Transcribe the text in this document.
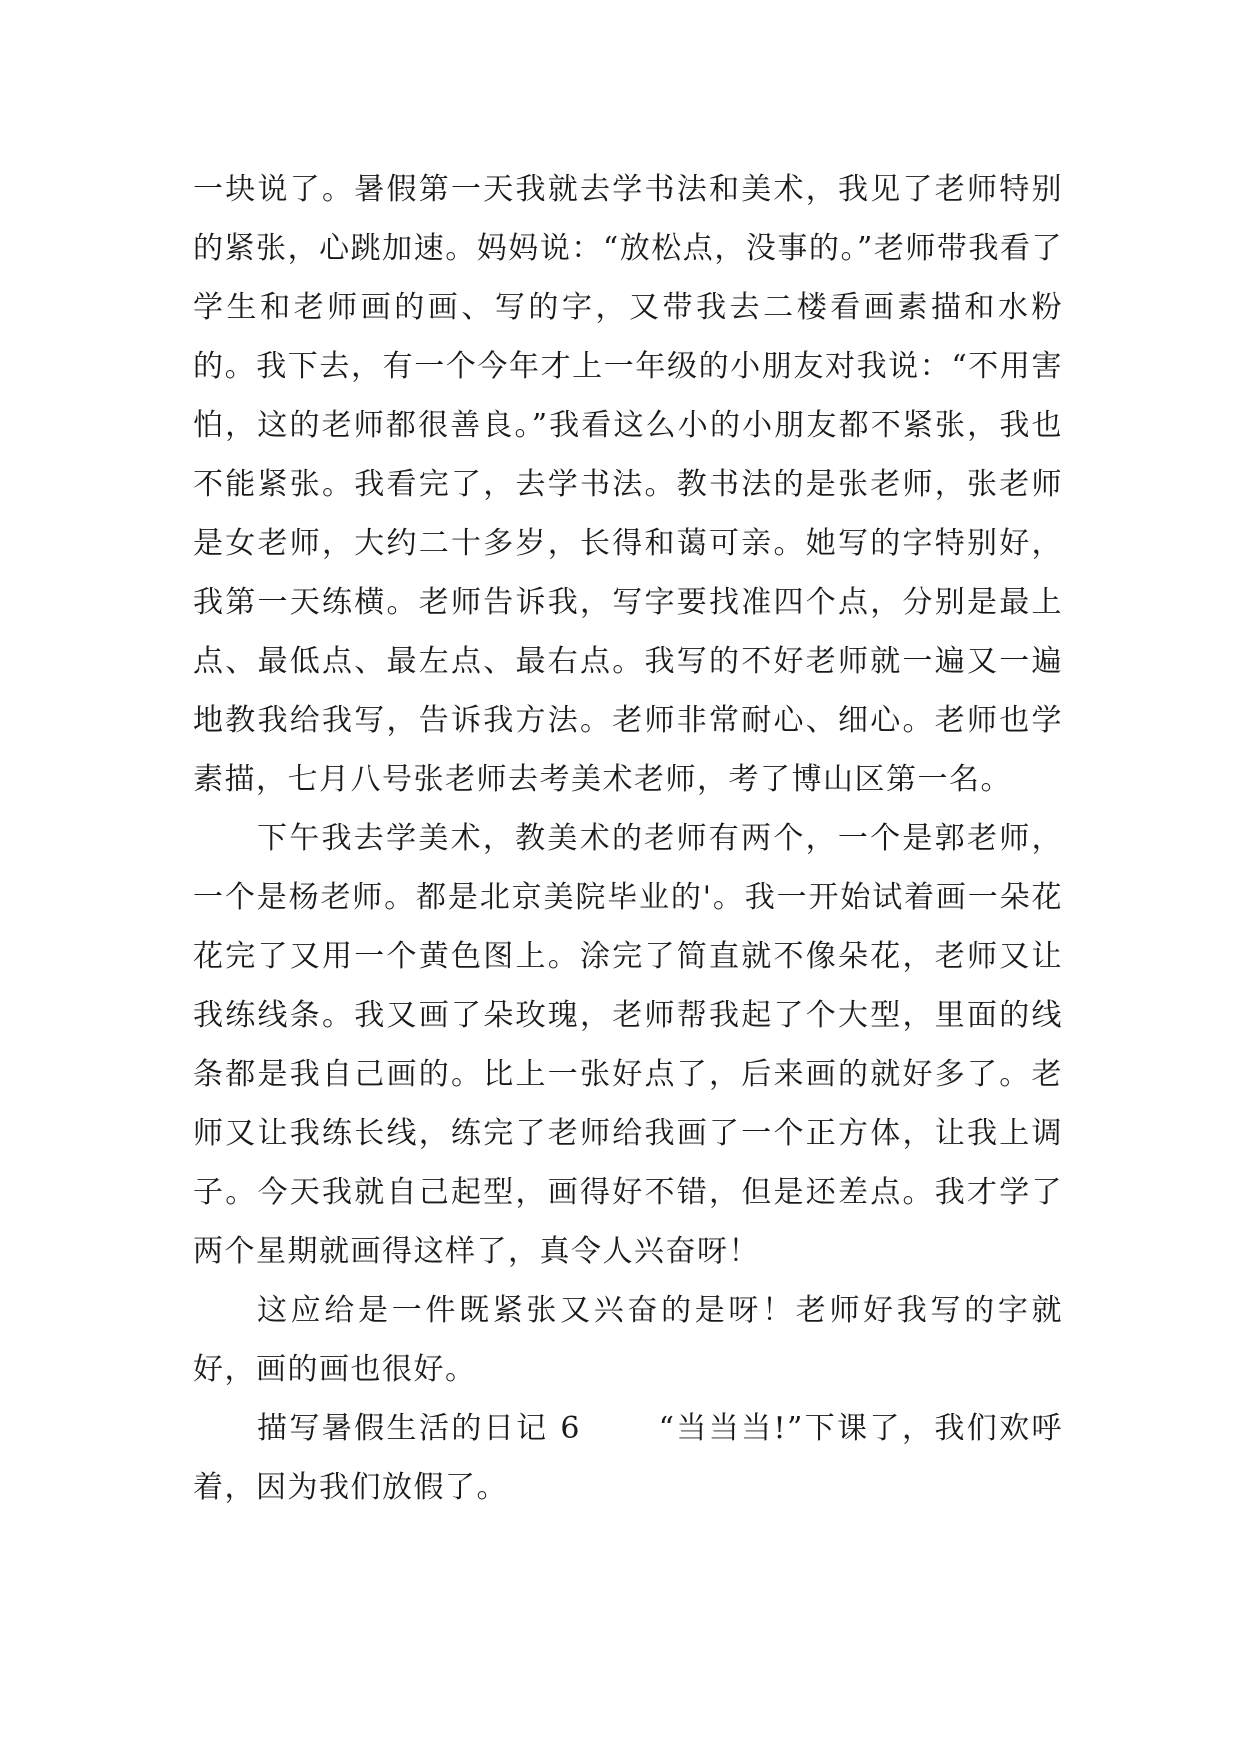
一块说了。暑假第一天我就去学书法和美术，我见了老师特别的紧张，心跳加速。妈妈说：“放松点，没事的。”老师带我看了学生和老师画的画、写的字，又带我去二楼看画素描和水粉的。我下去，有一个今年才上一年级的小朋友对我说：“不用害怕，这的老师都很善良。”我看这么小的小朋友都不紧张，我也不能紧张。我看完了，去学书法。教书法的是张老师，张老师是女老师，大约二十多岁，长得和蔼可亲。她写的字特别好，我第一天练横。老师告诉我，写字要找准四个点，分别是最上点、最低点、最左点、最右点。我写的不好老师就一遍又一遍地教我给我写，告诉我方法。老师非常耐心、细心。老师也学素描，七月八号张老师去考美术老师，考了博山区第一名。

下午我去学美术，教美术的老师有两个，一个是郭老师，一个是杨老师。都是北京美院毕业的'。我一开始试着画一朵花花完了又用一个黄色图上。涂完了简直就不像朵花，老师又让我练线条。我又画了朵玫瑰，老师帮我起了个大型，里面的线条都是我自己画的。比上一张好点了，后来画的就好多了。老师又让我练长线，练完了老师给我画了一个正方体，让我上调子。今天我就自己起型，画得好不错，但是还差点。我才学了两个星期就画得这样了，真令人兴奋呀！

这应给是一件既紧张又兴奋的是呀！老师好我写的字就好，画的画也很好。

描写暑假生活的日记 6　　 “当当当!”下课了，我们欢呼着，因为我们放假了。
